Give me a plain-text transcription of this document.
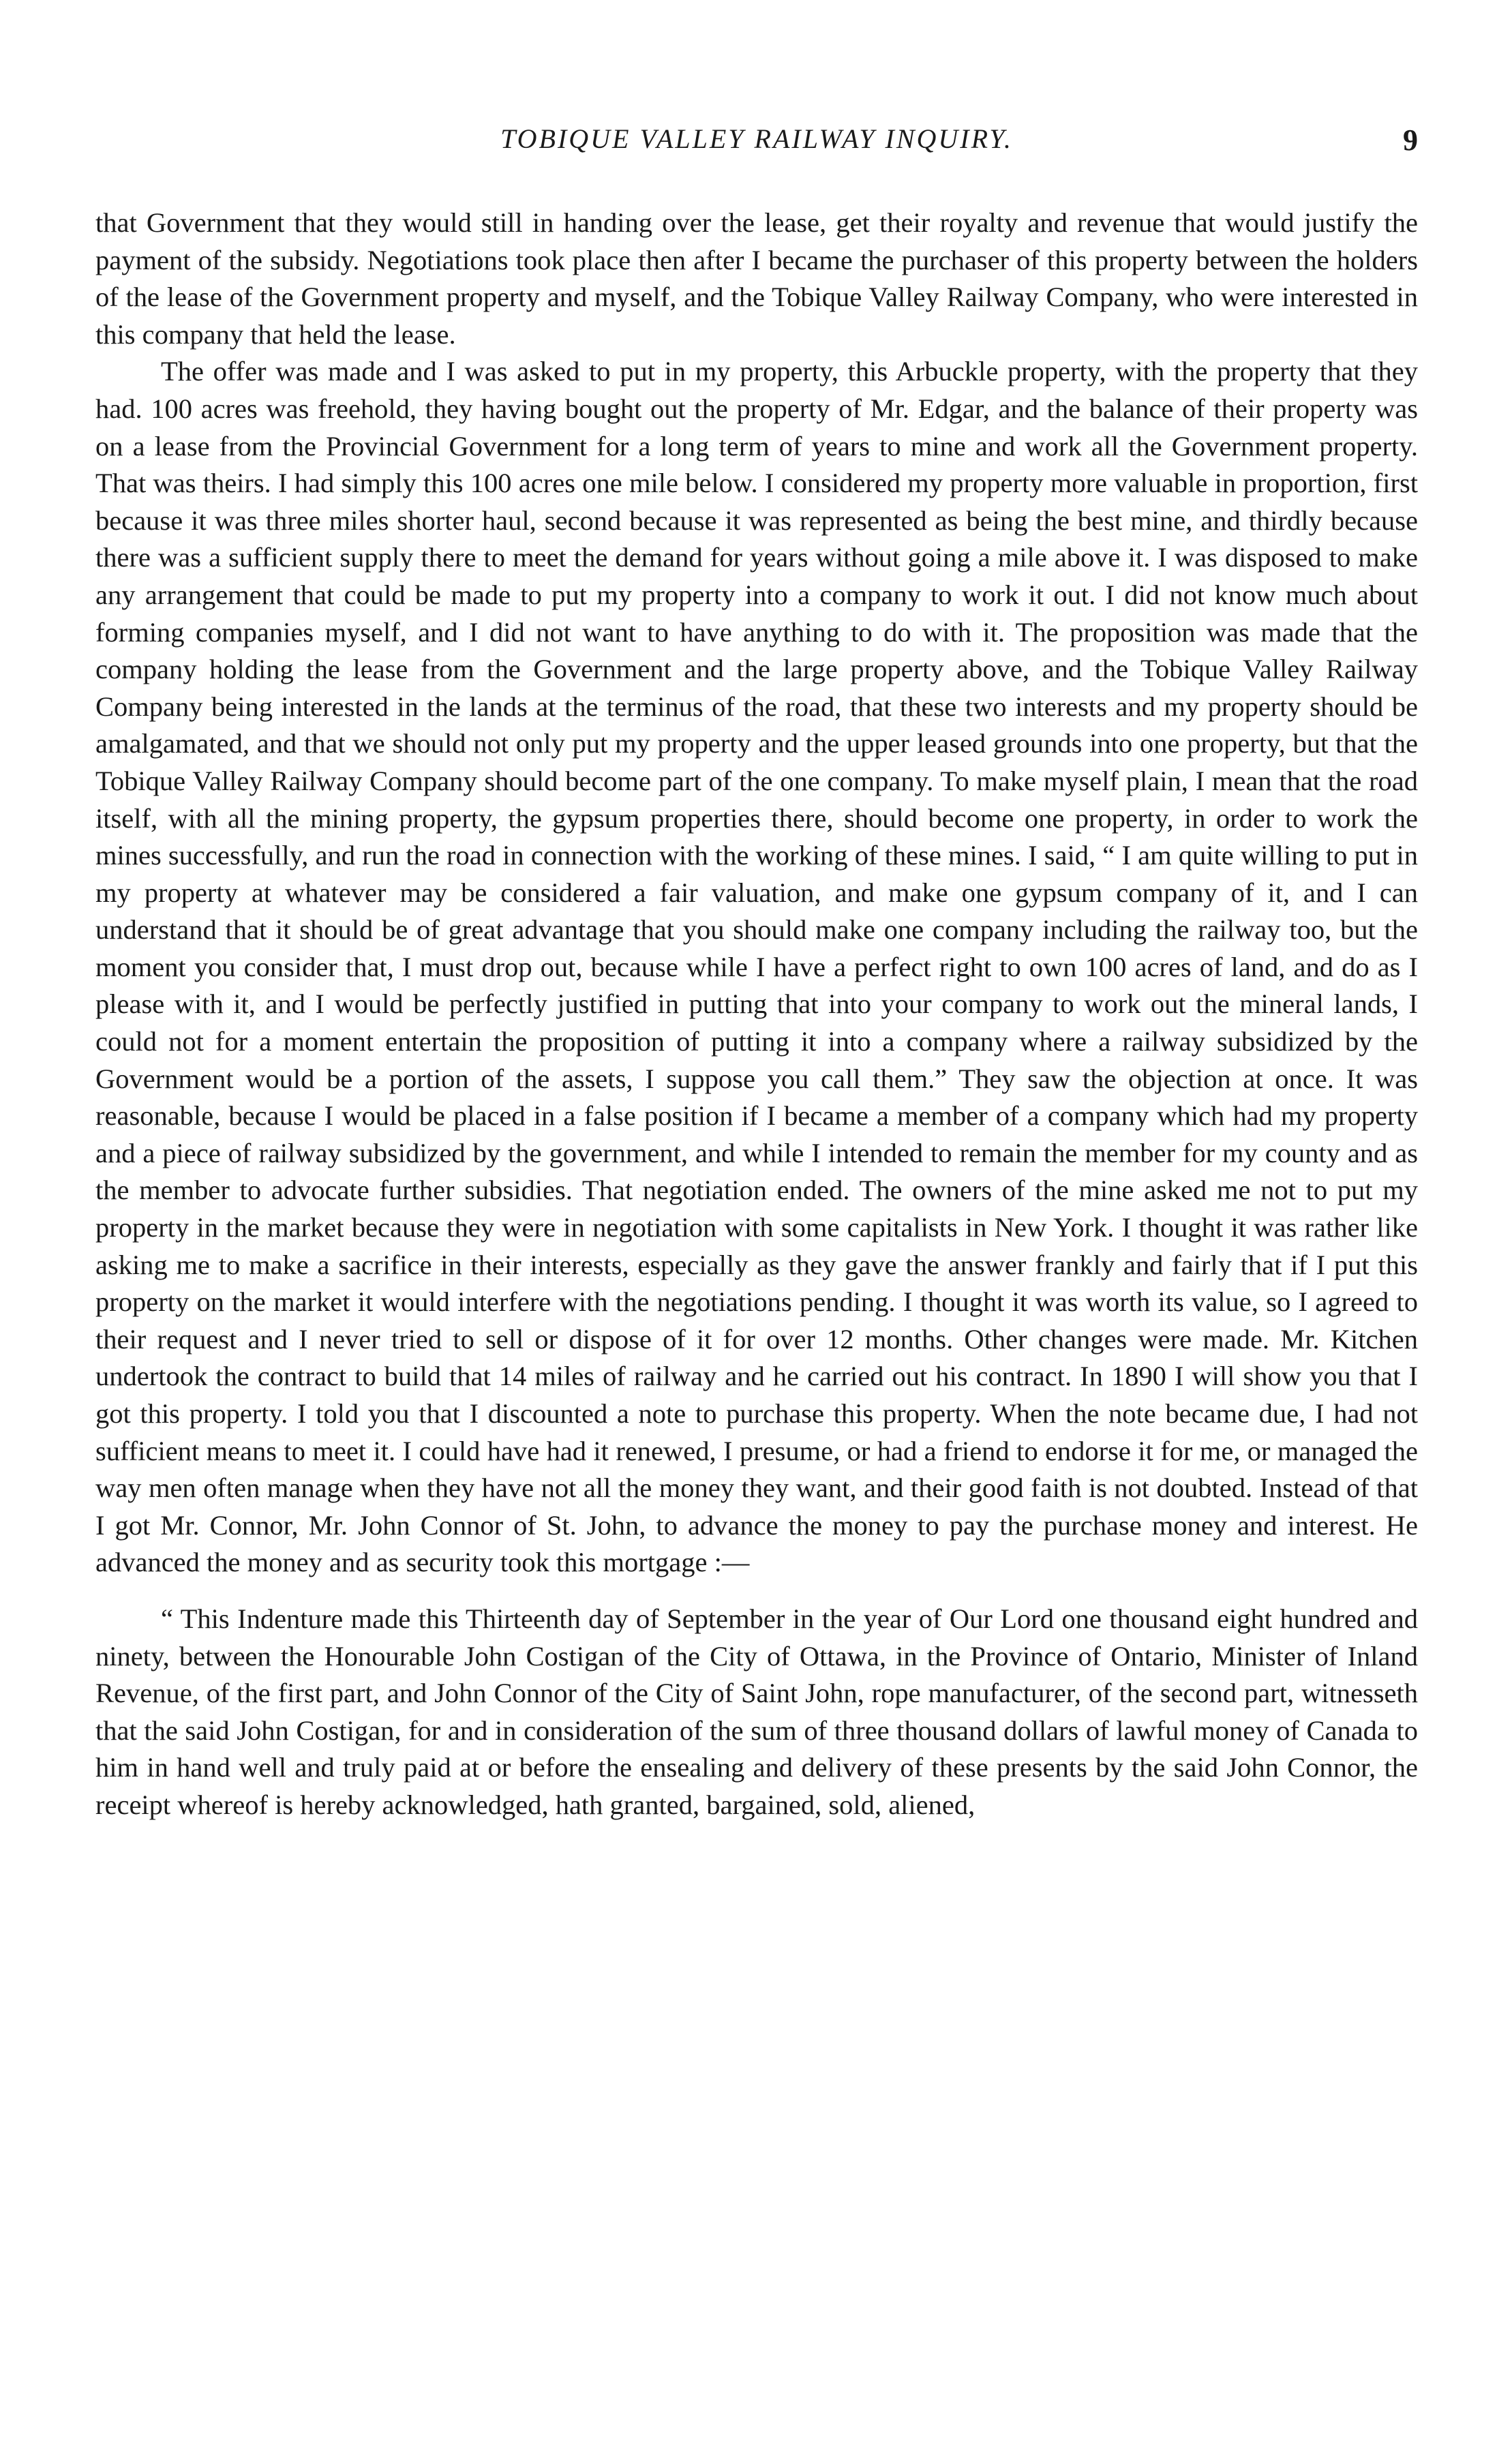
TOBIQUE VALLEY RAILWAY INQUIRY.	9

that Government that they would still in handing over the lease, get their royalty and revenue that would justify the payment of the subsidy. Negotiations took place then after I became the purchaser of this property between the holders of the lease of the Government property and myself, and the Tobique Valley Railway Company, who were interested in this company that held the lease.

The offer was made and I was asked to put in my property, this Arbuckle property, with the property that they had. 100 acres was freehold, they having bought out the property of Mr. Edgar, and the balance of their property was on a lease from the Provincial Government for a long term of years to mine and work all the Government property. That was theirs. I had simply this 100 acres one mile below. I considered my property more valuable in proportion, first because it was three miles shorter haul, second because it was represented as being the best mine, and thirdly because there was a sufficient supply there to meet the demand for years without going a mile above it. I was disposed to make any arrangement that could be made to put my property into a company to work it out. I did not know much about forming companies myself, and I did not want to have anything to do with it. The proposition was made that the company holding the lease from the Government and the large property above, and the Tobique Valley Railway Company being interested in the lands at the terminus of the road, that these two interests and my property should be amalgamated, and that we should not only put my property and the upper leased grounds into one property, but that the Tobique Valley Railway Company should become part of the one company. To make myself plain, I mean that the road itself, with all the mining property, the gypsum properties there, should become one property, in order to work the mines successfully, and run the road in connection with the working of these mines. I said, “ I am quite willing to put in my property at whatever may be considered a fair valuation, and make one gypsum company of it, and I can understand that it should be of great advantage that you should make one company including the railway too, but the moment you consider that, I must drop out, because while I have a perfect right to own 100 acres of land, and do as I please with it, and I would be perfectly justified in putting that into your company to work out the mineral lands, I could not for a moment entertain the proposition of putting it into a company where a railway subsidized by the Government would be a portion of the assets, I suppose you call them.” They saw the objection at once. It was reasonable, because I would be placed in a false position if I became a member of a company which had my property and a piece of railway subsidized by the government, and while I intended to remain the member for my county and as the member to advocate further subsidies. That negotiation ended. The owners of the mine asked me not to put my property in the market because they were in negotiation with some capitalists in New York. I thought it was rather like asking me to make a sacrifice in their interests, especially as they gave the answer frankly and fairly that if I put this property on the market it would interfere with the negotiations pending. I thought it was worth its value, so I agreed to their request and I never tried to sell or dispose of it for over 12 months. Other changes were made. Mr. Kitchen undertook the contract to build that 14 miles of railway and he carried out his contract. In 1890 I will show you that I got this property. I told you that I discounted a note to purchase this property. When the note became due, I had not sufficient means to meet it. I could have had it renewed, I presume, or had a friend to endorse it for me, or managed the way men often manage when they have not all the money they want, and their good faith is not doubted. Instead of that I got Mr. Connor, Mr. John Connor of St. John, to advance the money to pay the purchase money and interest. He advanced the money and as security took this mortgage :—

“ This Indenture made this Thirteenth day of September in the year of Our Lord one thousand eight hundred and ninety, between the Honourable John Costigan of the City of Ottawa, in the Province of Ontario, Minister of Inland Revenue, of the first part, and John Connor of the City of Saint John, rope manufacturer, of the second part, witnesseth that the said John Costigan, for and in consideration of the sum of three thousand dollars of lawful money of Canada to him in hand well and truly paid at or before the ensealing and delivery of these presents by the said John Connor, the receipt whereof is hereby acknowledged, hath granted, bargained, sold, aliened,
